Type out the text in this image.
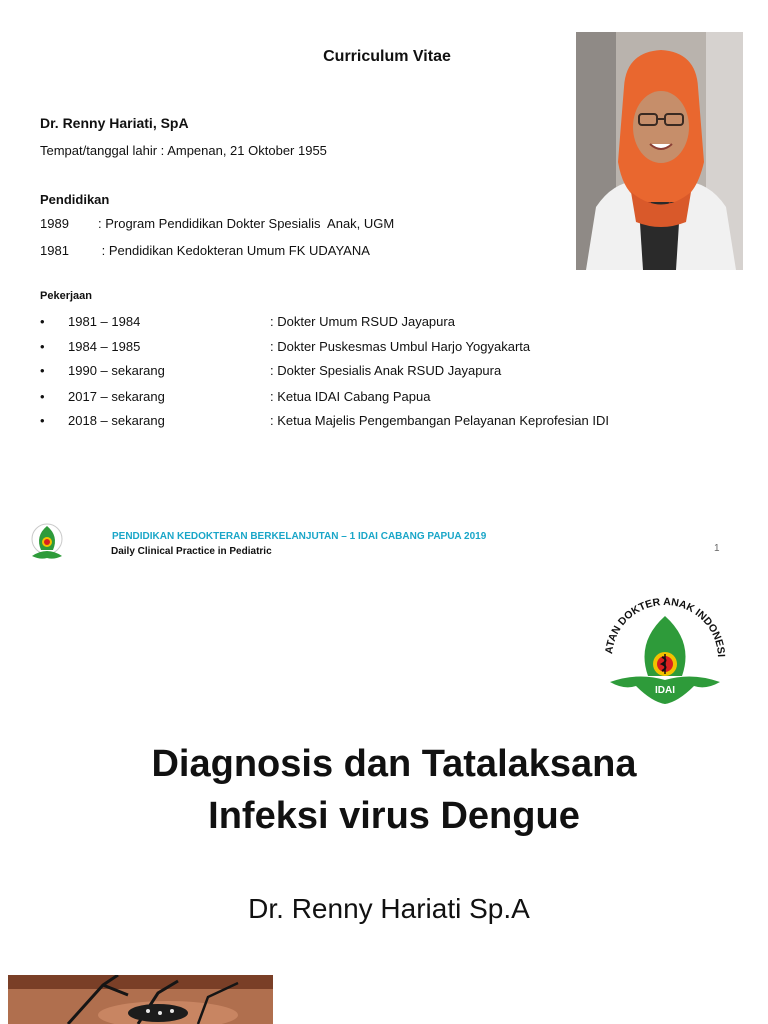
Curriculum Vitae
Dr. Renny Hariati, SpA
Tempat/tanggal lahir : Ampenan, 21 Oktober 1955
Pendidikan
1989	: Program Pendidikan Dokter Spesialis  Anak, UGM
1981	: Pendidikan Kedokteran Umum FK UDAYANA
Pekerjaan
•	1981 – 1984	: Dokter Umum RSUD Jayapura
•	1984 – 1985	: Dokter Puskesmas Umbul Harjo Yogyakarta
•	1990 – sekarang	: Dokter Spesialis Anak RSUD Jayapura
•	2017 – sekarang	: Ketua IDAI Cabang Papua
•	2018 – sekarang	: Ketua Majelis Pengembangan Pelayanan Keprofesian IDI
PENDIDIKAN KEDOKTERAN BERKELANJUTAN – 1 IDAI CABANG PAPUA 2019
Daily Clinical Practice in Pediatric	1
ATAN DOKTER ANAK INDONESI
IDAI
Diagnosis dan Tatalaksana
Infeksi virus Dengue
Dr. Renny Hariati Sp.A
